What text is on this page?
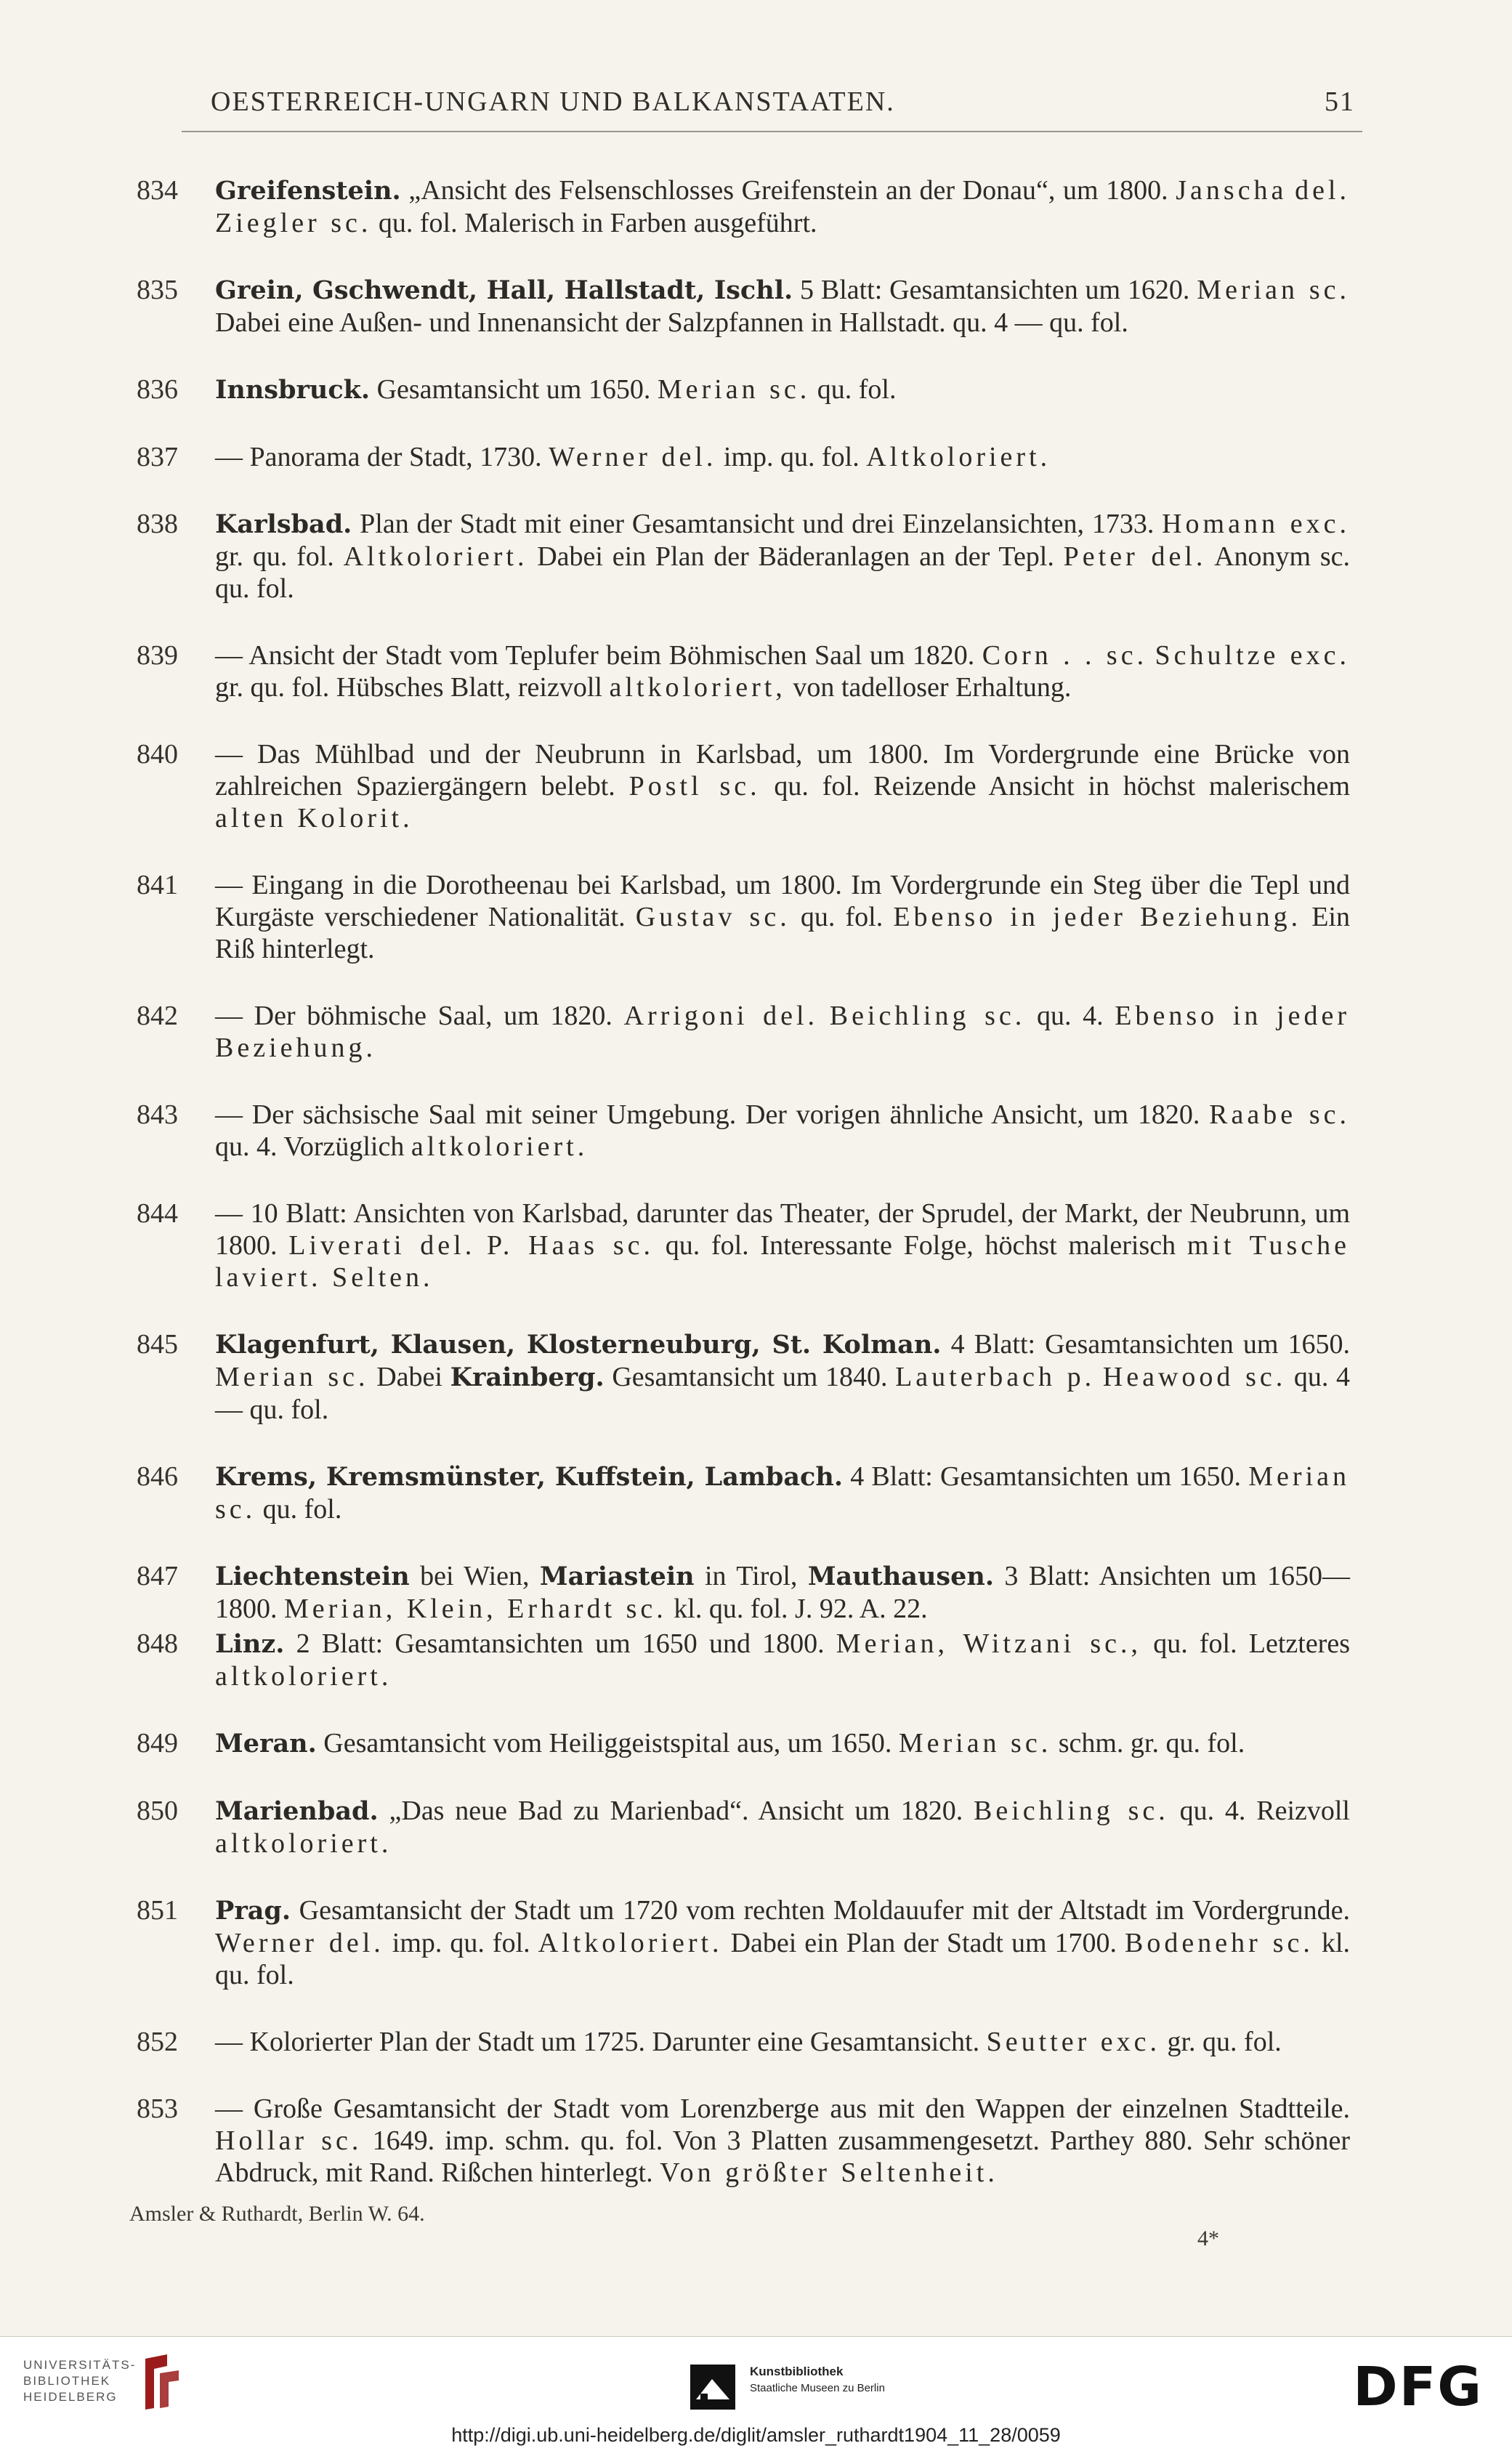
OESTERREICH-UNGARN UND BALKANSTAATEN.	51
834 Greifenstein. „Ansicht des Felsenschlosses Greifenstein an der Donau“, um 1800. Janscha del. Ziegler sc. qu. fol. Malerisch in Farben ausgeführt.
835 Grein, Gschwendt, Hall, Hallstadt, Ischl. 5 Blatt: Gesamtansichten um 1620. Merian sc. Dabei eine Außen- und Innenansicht der Salzpfannen in Hallstadt. qu. 4 — qu. fol.
836 Innsbruck. Gesamtansicht um 1650. Merian sc. qu. fol.
837 — Panorama der Stadt, 1730. Werner del. imp. qu. fol. Altkoloriert.
838 Karlsbad. Plan der Stadt mit einer Gesamtansicht und drei Einzelansichten, 1733. Homann exc. gr. qu. fol. Altkoloriert. Dabei ein Plan der Bäderanlagen an der Tepl. Peter del. Anonym sc. qu. fol.
839 — Ansicht der Stadt vom Teplufer beim Böhmischen Saal um 1820. Corn . . sc. Schultze exc. gr. qu. fol. Hübsches Blatt, reizvoll altkoloriert, von tadelloser Erhaltung.
840 — Das Mühlbad und der Neubrunn in Karlsbad, um 1800. Im Vordergrunde eine Brücke von zahlreichen Spaziergängern belebt. Postl sc. qu. fol. Reizende Ansicht in höchst malerischem alten Kolorit.
841 — Eingang in die Dorotheenau bei Karlsbad, um 1800. Im Vordergrunde ein Steg über die Tepl und Kurgäste verschiedener Nationalität. Gustav sc. qu. fol. Ebenso in jeder Beziehung. Ein Riß hinterlegt.
842 — Der böhmische Saal, um 1820. Arrigoni del. Beichling sc. qu. 4. Ebenso in jeder Beziehung.
843 — Der sächsische Saal mit seiner Umgebung. Der vorigen ähnliche Ansicht, um 1820. Raabe sc. qu. 4. Vorzüglich altkoloriert.
844 — 10 Blatt: Ansichten von Karlsbad, darunter das Theater, der Sprudel, der Markt, der Neubrunn, um 1800. Liverati del. P. Haas sc. qu. fol. Interessante Folge, höchst malerisch mit Tusche laviert. Selten.
845 Klagenfurt, Klausen, Klosterneuburg, St. Kolman. 4 Blatt: Gesamtansichten um 1650. Merian sc. Dabei Krainberg. Gesamtansicht um 1840. Lauterbach p. Heawood sc. qu. 4 — qu. fol.
846 Krems, Kremsmünster, Kuffstein, Lambach. 4 Blatt: Gesamtansichten um 1650. Merian sc. qu. fol.
847 Liechtenstein bei Wien, Mariastein in Tirol, Mauthausen. 3 Blatt: Ansichten um 1650—1800. Merian, Klein, Erhardt sc. kl. qu. fol. J. 92. A. 22.
848 Linz. 2 Blatt: Gesamtansichten um 1650 und 1800. Merian, Witzani sc., qu. fol. Letzteres altkoloriert.
849 Meran. Gesamtansicht vom Heiliggeistspital aus, um 1650. Merian sc. schm. gr. qu. fol.
850 Marienbad. „Das neue Bad zu Marienbad“. Ansicht um 1820. Beichling sc. qu. 4. Reizvoll altkoloriert.
851 Prag. Gesamtansicht der Stadt um 1720 vom rechten Moldauufer mit der Altstadt im Vordergrunde. Werner del. imp. qu. fol. Altkoloriert. Dabei ein Plan der Stadt um 1700. Bodenehr sc. kl. qu. fol.
852 — Kolorierter Plan der Stadt um 1725. Darunter eine Gesamtansicht. Seutter exc. gr. qu. fol.
853 — Große Gesamtansicht der Stadt vom Lorenzberge aus mit den Wappen der einzelnen Stadtteile. Hollar sc. 1649. imp. schm. qu. fol. Von 3 Platten zusammengesetzt. Parthey 880. Sehr schöner Abdruck, mit Rand. Rißchen hinterlegt. Von größter Seltenheit.
Amsler & Ruthardt, Berlin W. 64.
4*
UNIVERSITÄTS-
BIBLIOTHEK
HEIDELBERG
Kunstbibliothek
Staatliche Museen zu Berlin	DFG
http://digi.ub.uni-heidelberg.de/diglit/amsler_ruthardt1904_11_28/0059
